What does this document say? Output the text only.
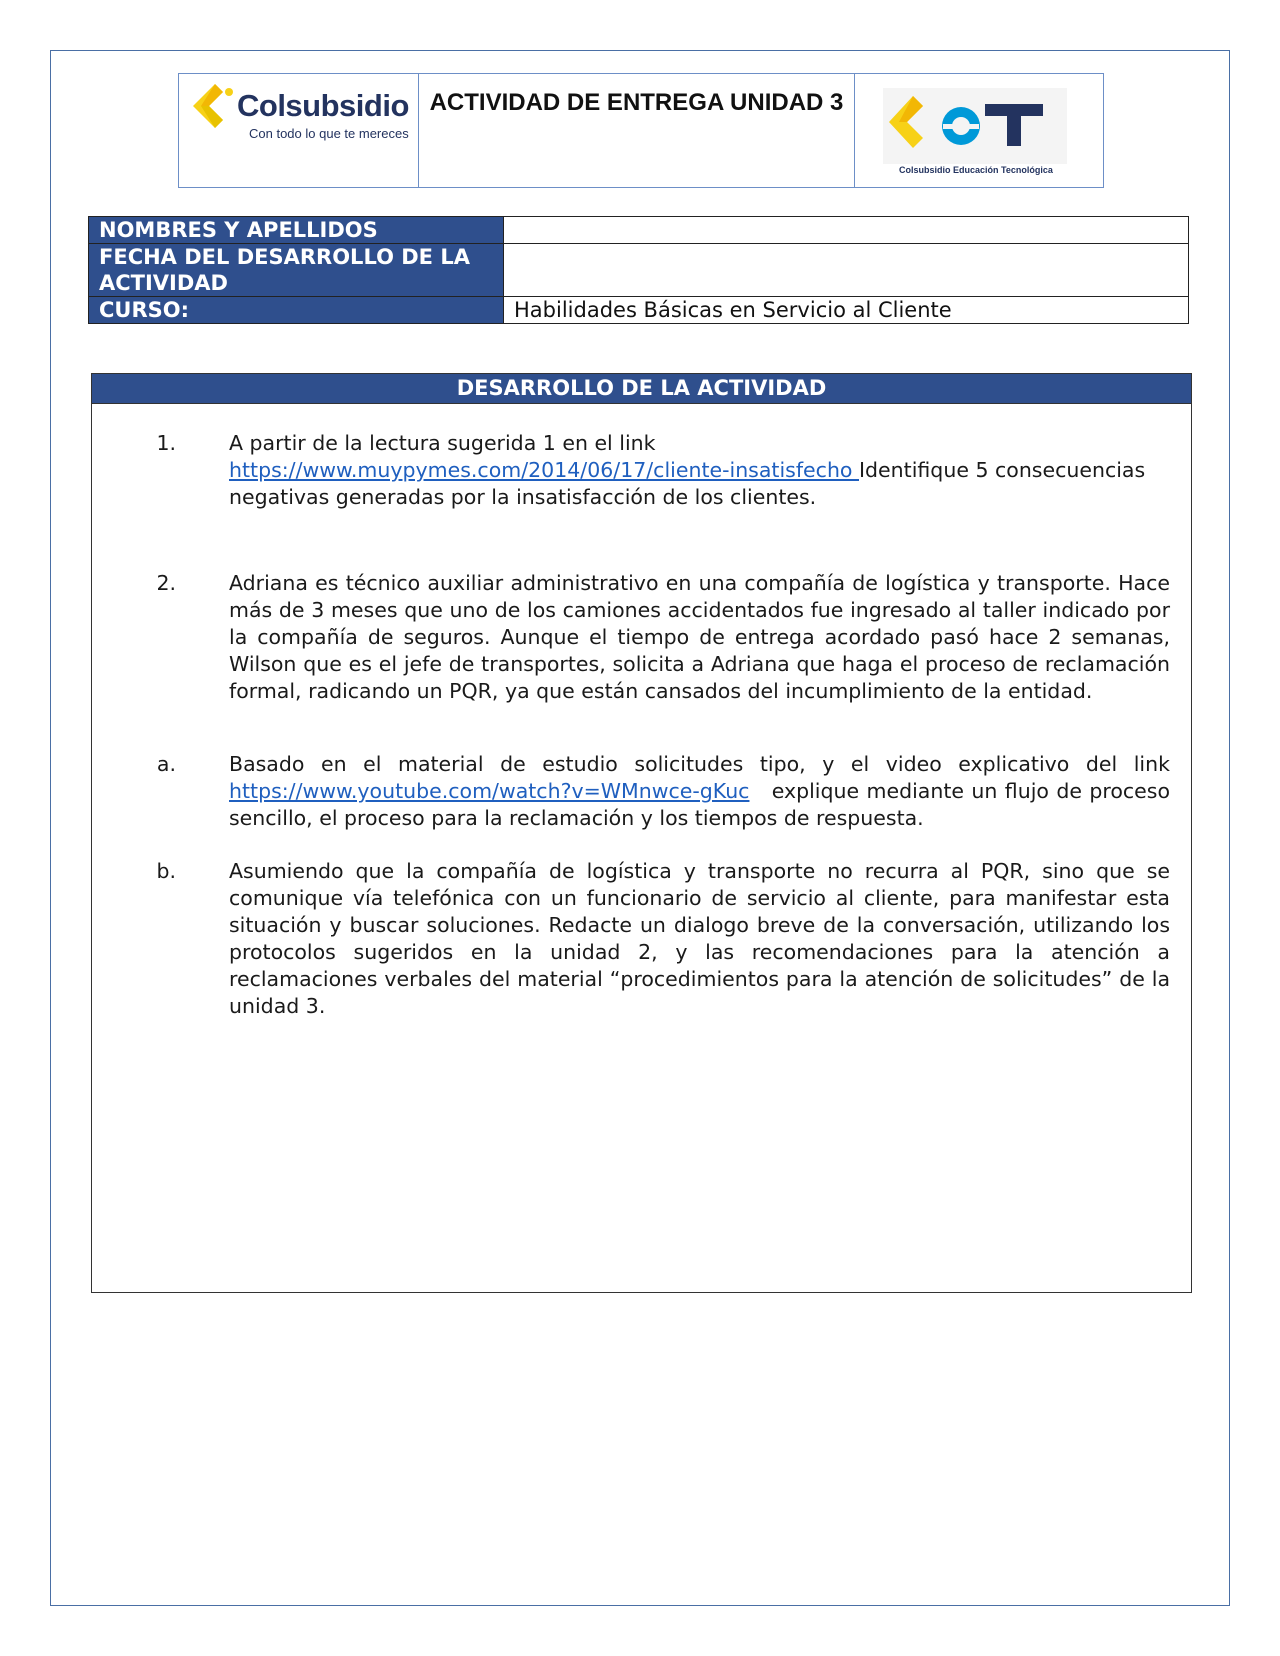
Colsubsidio
Con todo lo que te mereces
ACTIVIDAD DE ENTREGA UNIDAD 3
Colsubsidio Educación Tecnológica
NOMBRES Y APELLIDOS	
FECHA DEL DESARROLLO DE LA ACTIVIDAD	
CURSO:	Habilidades Básicas en Servicio al Cliente
DESARROLLO DE LA ACTIVIDAD
1.	A partir de la lectura sugerida 1 en el link
https://www.muypymes.com/2014/06/17/cliente-insatisfecho Identifique 5 consecuencias negativas generadas por la insatisfacción de los clientes.
2.	Adriana es técnico auxiliar administrativo en una compañía de logística y transporte. Hace más de 3 meses que uno de los camiones accidentados fue ingresado al taller indicado por la compañía de seguros. Aunque el tiempo de entrega acordado pasó hace 2 semanas, Wilson que es el jefe de transportes, solicita a Adriana que haga el proceso de reclamación formal, radicando un PQR, ya que están cansados del incumplimiento de la entidad.
a.	Basado en el material de estudio solicitudes tipo, y el video explicativo del link https://www.youtube.com/watch?v=WMnwce-gKuc explique mediante un flujo de proceso sencillo, el proceso para la reclamación y los tiempos de respuesta.
b.	Asumiendo que la compañía de logística y transporte no recurra al PQR, sino que se comunique vía telefónica con un funcionario de servicio al cliente, para manifestar esta situación y buscar soluciones. Redacte un dialogo breve de la conversación, utilizando los protocolos sugeridos en la unidad 2, y las recomendaciones para la atención a reclamaciones verbales del material “procedimientos para la atención de solicitudes” de la unidad 3.
